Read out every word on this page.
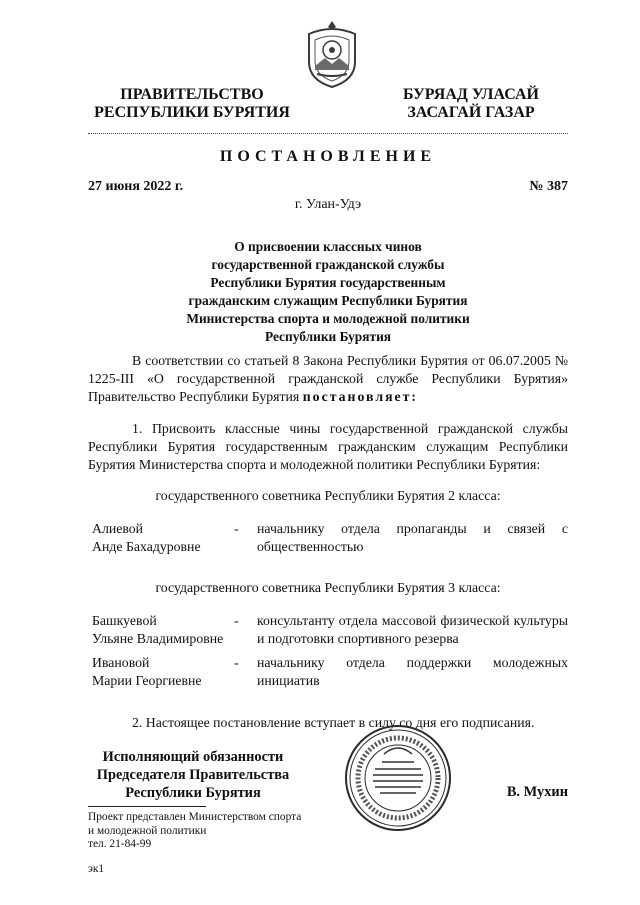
ПРАВИТЕЛЬСТВО
РЕСПУБЛИКИ БУРЯТИЯ
БУРЯАД УЛАСАЙ
ЗАСАГАЙ ГАЗАР
ПОСТАНОВЛЕНИЕ
27 июня 2022 г.	№ 387
г. Улан-Удэ
О присвоении классных чинов
государственной гражданской службы
Республики Бурятия государственным
гражданским служащим Республики Бурятия
Министерства спорта и молодежной политики
Республики Бурятия
В соответствии со статьей 8 Закона Республики Бурятия от 06.07.2005 № 1225-III «О государственной гражданской службе Республики Бурятия» Правительство Республики Бурятия постановляет:
1. Присвоить классные чины государственной гражданской службы Республики Бурятия государственным гражданским служащим Республики Бурятия Министерства спорта и молодежной политики Республики Бурятия:
государственного советника Республики Бурятия 2 класса:
Алиевой
Анде Бахадуровне
-	начальнику отдела пропаганды и связей с общественностью
государственного советника Республики Бурятия 3 класса:
Башкуевой
Ульяне Владимировне
-	консультанту отдела массовой физической культуры и подготовки спортивного резерва
Ивановой
Марии Георгиевне
-	начальнику отдела поддержки молодежных инициатив
2. Настоящее постановление вступает в силу со дня его подписания.
Исполняющий обязанности
Председателя Правительства
Республики Бурятия	В. Мухин
Проект представлен Министерством спорта
и молодежной политики
тел. 21-84-99
эк1
